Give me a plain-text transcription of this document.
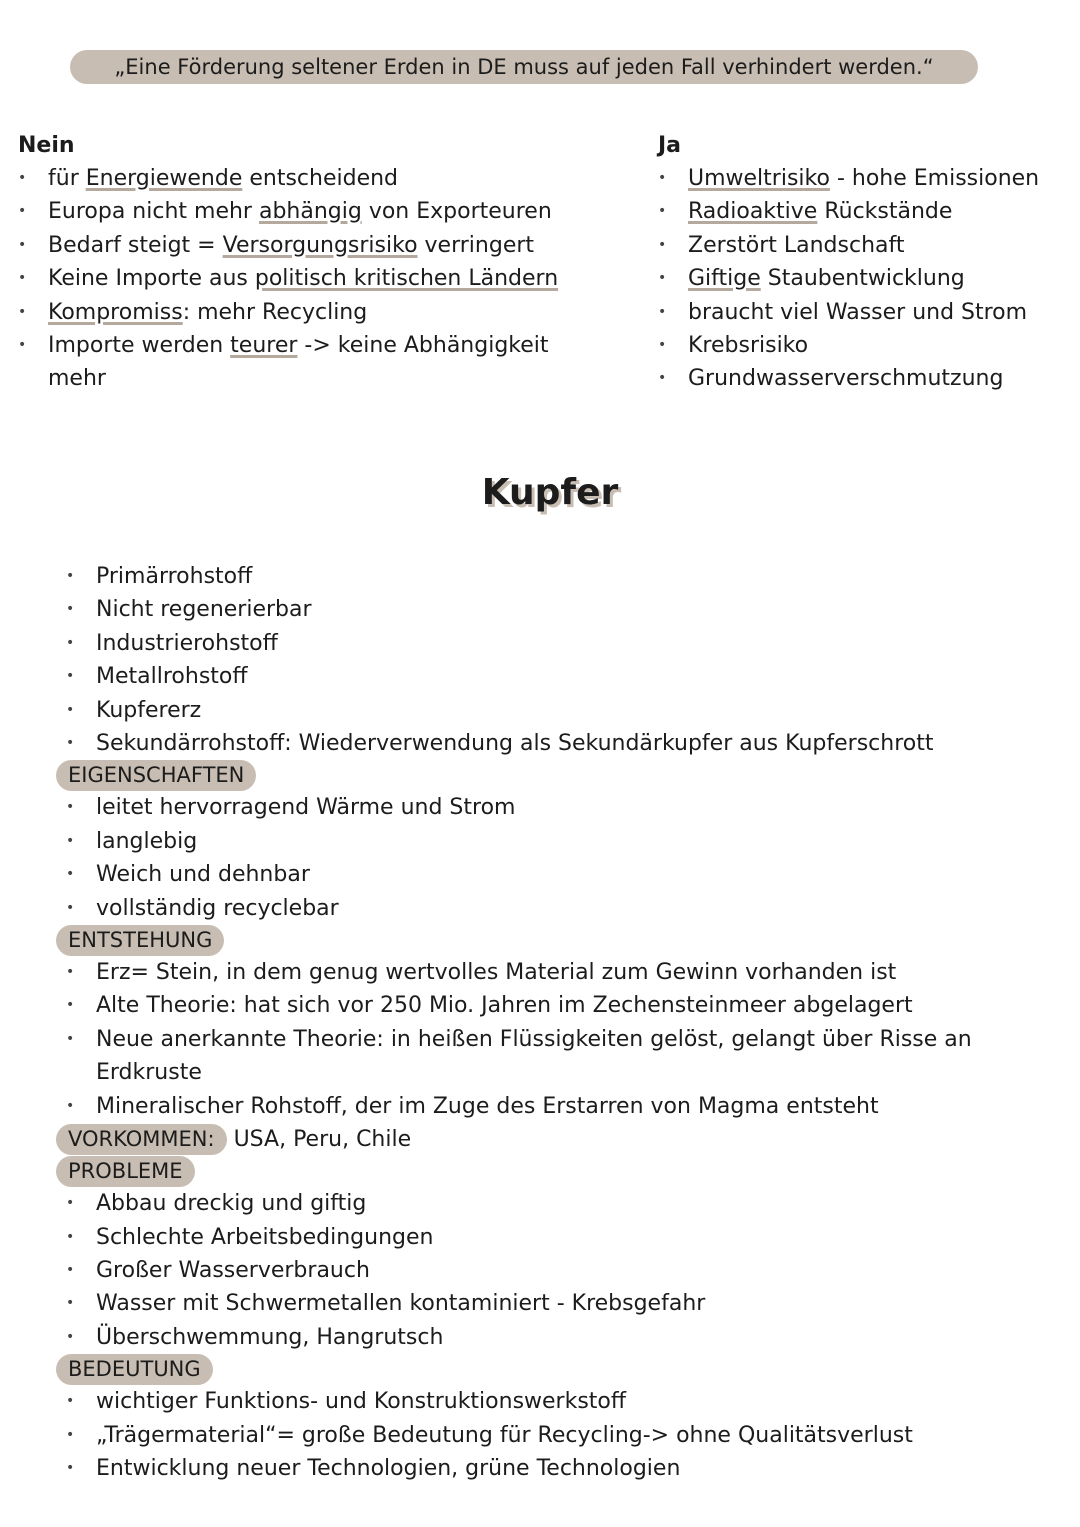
„Eine Förderung seltener Erden in DE muss auf jeden Fall verhindert werden.“
Nein
• für Energiewende entscheidend
• Europa nicht mehr abhängig von Exporteuren
• Bedarf steigt = Versorgungsrisiko verringert
• Keine Importe aus politisch kritischen Ländern
• Kompromiss: mehr Recycling
• Importe werden teurer -> keine Abhängigkeit mehr
Ja
• Umweltrisiko - hohe Emissionen
• Radioaktive Rückstände
• Zerstört Landschaft
• Giftige Staubentwicklung
• braucht viel Wasser und Strom
• Krebsrisiko
• Grundwasserverschmutzung
Kupfer
• Primärrohstoff
• Nicht regenerierbar
• Industrierohstoff
• Metallrohstoff
• Kupfererz
• Sekundärrohstoff: Wiederverwendung als Sekundärkupfer aus Kupferschrott
EIGENSCHAFTEN
• leitet hervorragend Wärme und Strom
• langlebig
• Weich und dehnbar
• vollständig recyclebar
ENTSTEHUNG
• Erz= Stein, in dem genug wertvolles Material zum Gewinn vorhanden ist
• Alte Theorie: hat sich vor 250 Mio. Jahren im Zechensteinmeer abgelagert
• Neue anerkannte Theorie: in heißen Flüssigkeiten gelöst, gelangt über Risse an Erdkruste
• Mineralischer Rohstoff, der im Zuge des Erstarren von Magma entsteht
VORKOMMEN: USA, Peru, Chile
PROBLEME
• Abbau dreckig und giftig
• Schlechte Arbeitsbedingungen
• Großer Wasserverbrauch
• Wasser mit Schwermetallen kontaminiert - Krebsgefahr
• Überschwemmung, Hangrutsch
BEDEUTUNG
• wichtiger Funktions- und Konstruktionswerkstoff
• „Trägermaterial“= große Bedeutung für Recycling-> ohne Qualitätsverlust
• Entwicklung neuer Technologien, grüne Technologien
